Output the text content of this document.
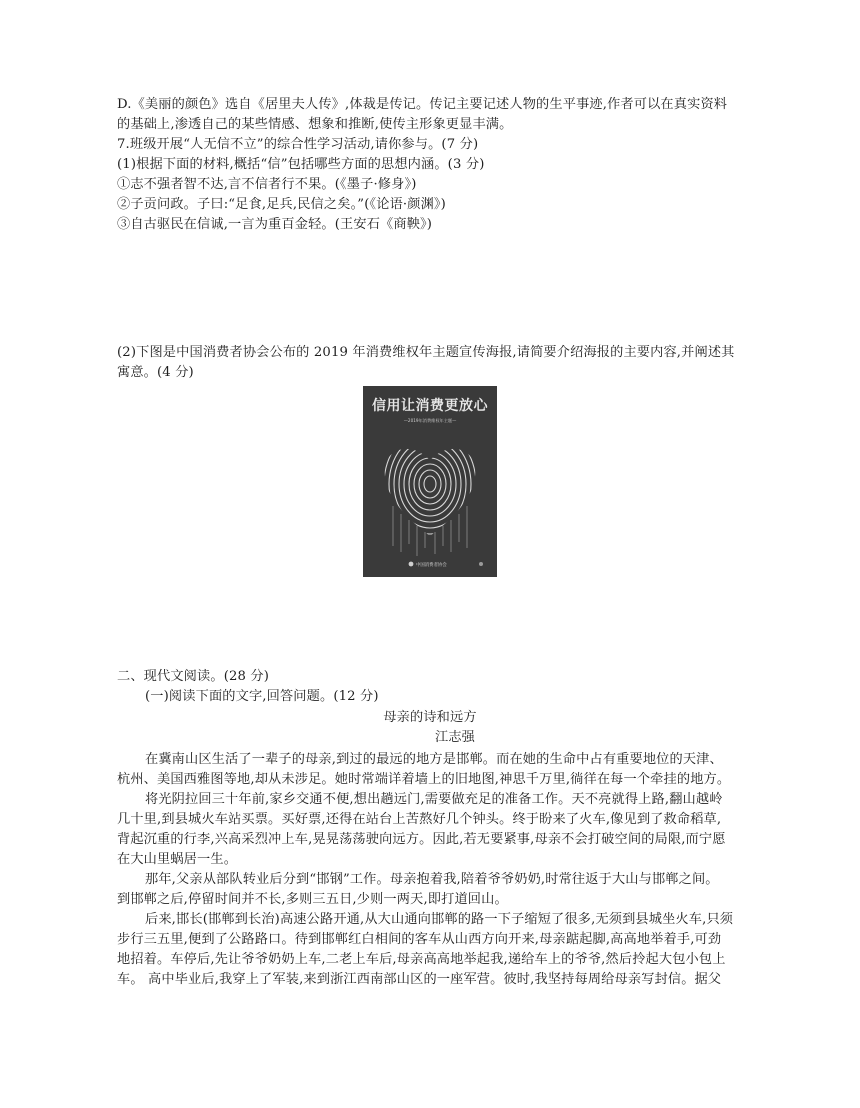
D.《美丽的颜色》选自《居里夫人传》,体裁是传记。传记主要记述人物的生平事迹,作者可以在真实资料
的基础上,渗透自己的某些情感、想象和推断,使传主形象更显丰满。
7.班级开展“人无信不立”的综合性学习活动,请你参与。(7 分)
(1)根据下面的材料,概括“信”包括哪些方面的思想内涵。(3 分)
①志不强者智不达,言不信者行不果。(《墨子·修身》)
②子贡问政。子曰:“足食,足兵,民信之矣。”(《论语·颜渊》)
③自古驱民在信诚,一言为重百金轻。(王安石《商鞅》)
(2)下图是中国消费者协会公布的 2019 年消费维权年主题宣传海报,请简要介绍海报的主要内容,并阐述其
寓意。(4 分)
信用让消费更放心
—2019年消费维权年主题—
中国消费者协会
二、现代文阅读。(28 分)
(一)阅读下面的文字,回答问题。(12 分)
母亲的诗和远方
江志强
在冀南山区生活了一辈子的母亲,到过的最远的地方是邯郸。而在她的生命中占有重要地位的天津、
杭州、美国西雅图等地,却从未涉足。她时常端详着墙上的旧地图,神思千万里,徜徉在每一个牵挂的地方。
将光阴拉回三十年前,家乡交通不便,想出趟远门,需要做充足的准备工作。天不亮就得上路,翻山越岭
几十里,到县城火车站买票。买好票,还得在站台上苦熬好几个钟头。终于盼来了火车,像见到了救命稻草,
背起沉重的行李,兴高采烈冲上车,晃晃荡荡驶向远方。因此,若无要紧事,母亲不会打破空间的局限,而宁愿
在大山里蜗居一生。
那年,父亲从部队转业后分到“邯钢”工作。母亲抱着我,陪着爷爷奶奶,时常往返于大山与邯郸之间。
到邯郸之后,停留时间并不长,多则三五日,少则一两天,即打道回山。
后来,邯长(邯郸到长治)高速公路开通,从大山通向邯郸的路一下子缩短了很多,无须到县城坐火车,只须
步行三五里,便到了公路路口。待到邯郸红白相间的客车从山西方向开来,母亲踮起脚,高高地举着手,可劲
地招着。车停后,先让爷爷奶奶上车,二老上车后,母亲高高地举起我,递给车上的爷爷,然后拎起大包小包上
车。 高中毕业后,我穿上了军装,来到浙江西南部山区的一座军营。彼时,我坚持每周给母亲写封信。据父
